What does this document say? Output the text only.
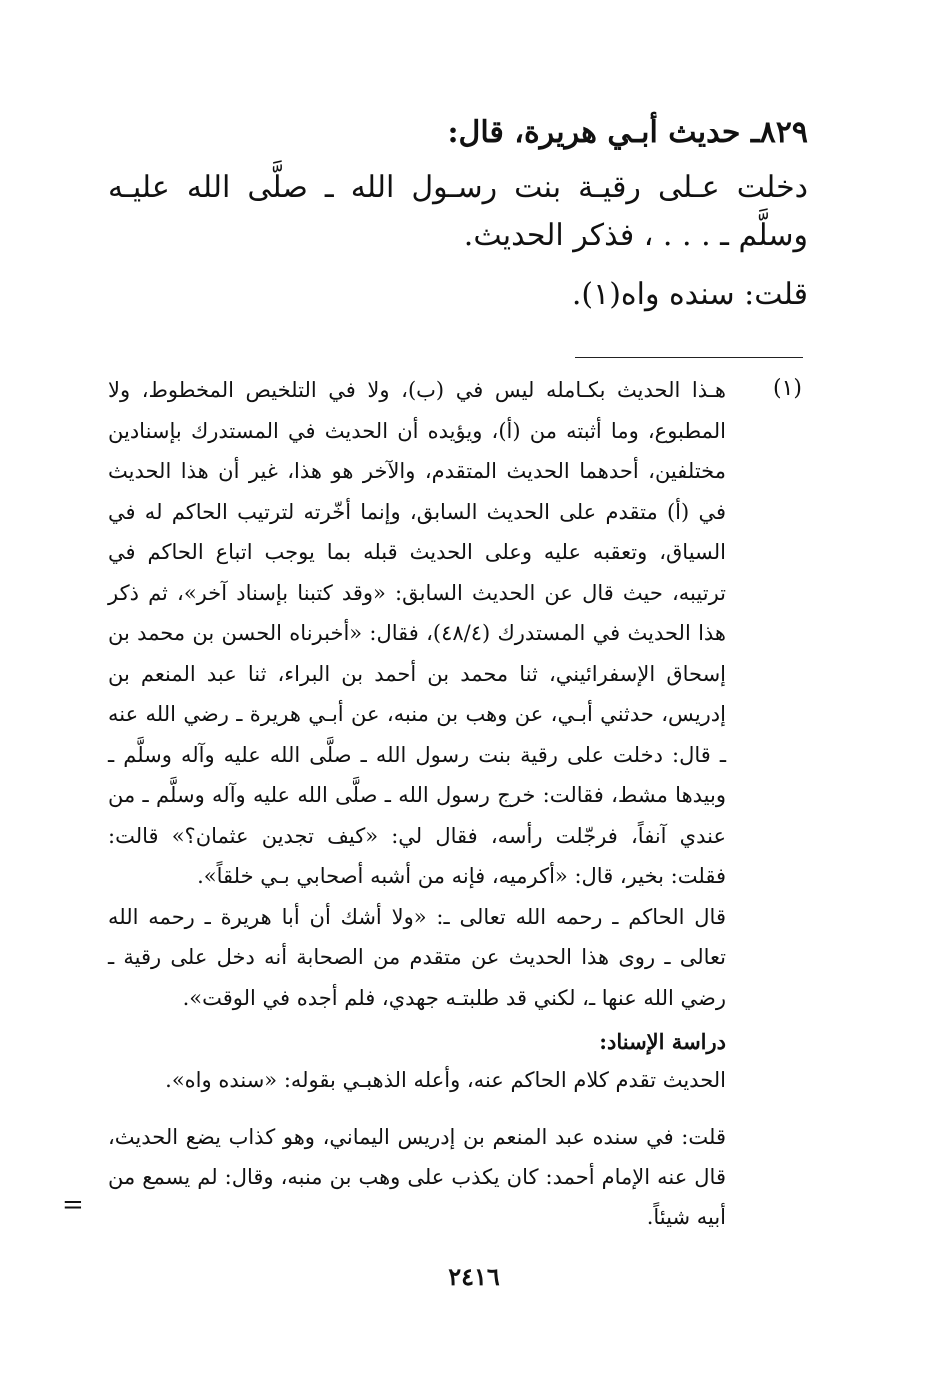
٨٢٩ـ حديث أبـي هريرة، قال:

دخلت عـلى رقيـة بنت رسـول الله ـ صلَّى الله عليـه وسلَّم ـ . . . ، فذكر الحديث.

قلت: سنده واه(١).

(١)

هـذا الحديث بكـامله ليس في (ب)، ولا في التلخيص المخطوط، ولا المطبوع، وما أثبته من (أ)، ويؤيده أن الحديث في المستدرك بإسنادين مختلفين، أحدهما الحديث المتقدم، والآخر هو هذا، غير أن هذا الحديث في (أ) متقدم على الحديث السابق، وإنما أخّرته لترتيب الحاكم له في السياق، وتعقبه عليه وعلى الحديث قبله بما يوجب اتباع الحاكم في ترتيبه، حيث قال عن الحديث السابق: «وقد كتبنا بإسناد آخر»، ثم ذكر هذا الحديث في المستدرك (٤٨/٤)، فقال: «أخبرناه الحسن بن محمد بن إسحاق الإسفرائيني، ثنا محمد بن أحمد بن البراء، ثنا عبد المنعم بن إدريس، حدثني أبـي، عن وهب بن منبه، عن أبـي هريرة ـ رضي الله عنه ـ قال: دخلت على رقية بنت رسول الله ـ صلَّى الله عليه وآله وسلَّم ـ وبيدها مشط، فقالت: خرج رسول الله ـ صلَّى الله عليه وآله وسلَّم ـ من عندي آنفاً، فرجّلت رأسه، فقال لي: «كيف تجدين عثمان؟» قالت: فقلت: بخير، قال: «أكرميه، فإنه من أشبه أصحابي بـي خلقاً».

قال الحاكم ـ رحمه الله تعالى ـ: «ولا أشك أن أبا هريرة ـ رحمه الله تعالى ـ روى هذا الحديث عن متقدم من الصحابة أنه دخل على رقية ـ رضي الله عنها ـ، لكني قد طلبتـه جهدي، فلم أجده في الوقت».

دراسة الإسناد:

الحديث تقدم كلام الحاكم عنه، وأعله الذهبـي بقوله: «سنده واه».

قلت: في سنده عبد المنعم بن إدريس اليماني، وهو كذاب يضع الحديث، قال عنه الإمام أحمد: كان يكذب على وهب بن منبه، وقال: لم يسمع من أبيه شيئاً.

=
٢٤١٦
